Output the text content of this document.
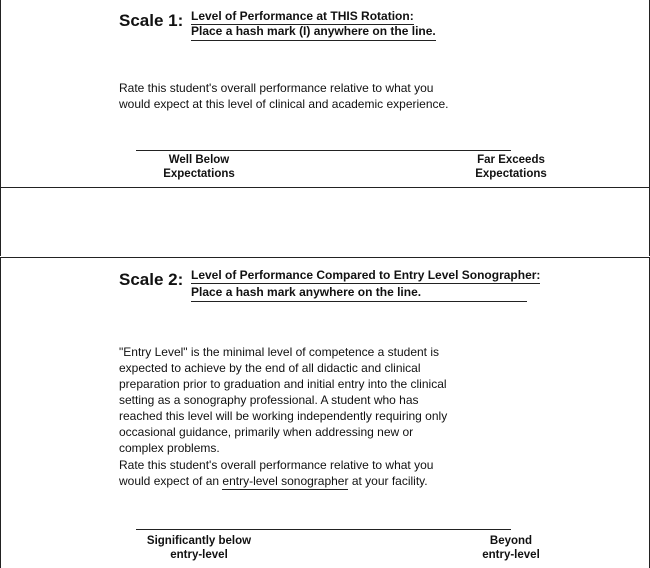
Scale 1: Level of Performance at THIS Rotation:
Place a hash mark (I) anywhere on the line.
Rate this student's overall performance relative to what you
would expect at this level of clinical and academic experience.
Well Below
Expectations
Far Exceeds
Expectations
Scale 2: Level of Performance Compared to Entry Level Sonographer:
Place a hash mark anywhere on the line.
"Entry Level" is the minimal level of competence a student is
expected to achieve by the end of all didactic and clinical
preparation prior to graduation and initial entry into the clinical
setting as a sonography professional. A student who has
reached this level will be working independently requiring only
occasional guidance, primarily when addressing new or
complex problems.
Rate this student's overall performance relative to what you
would expect of an entry-level sonographer at your facility.
Significantly below
entry-level
Beyond
entry-level
